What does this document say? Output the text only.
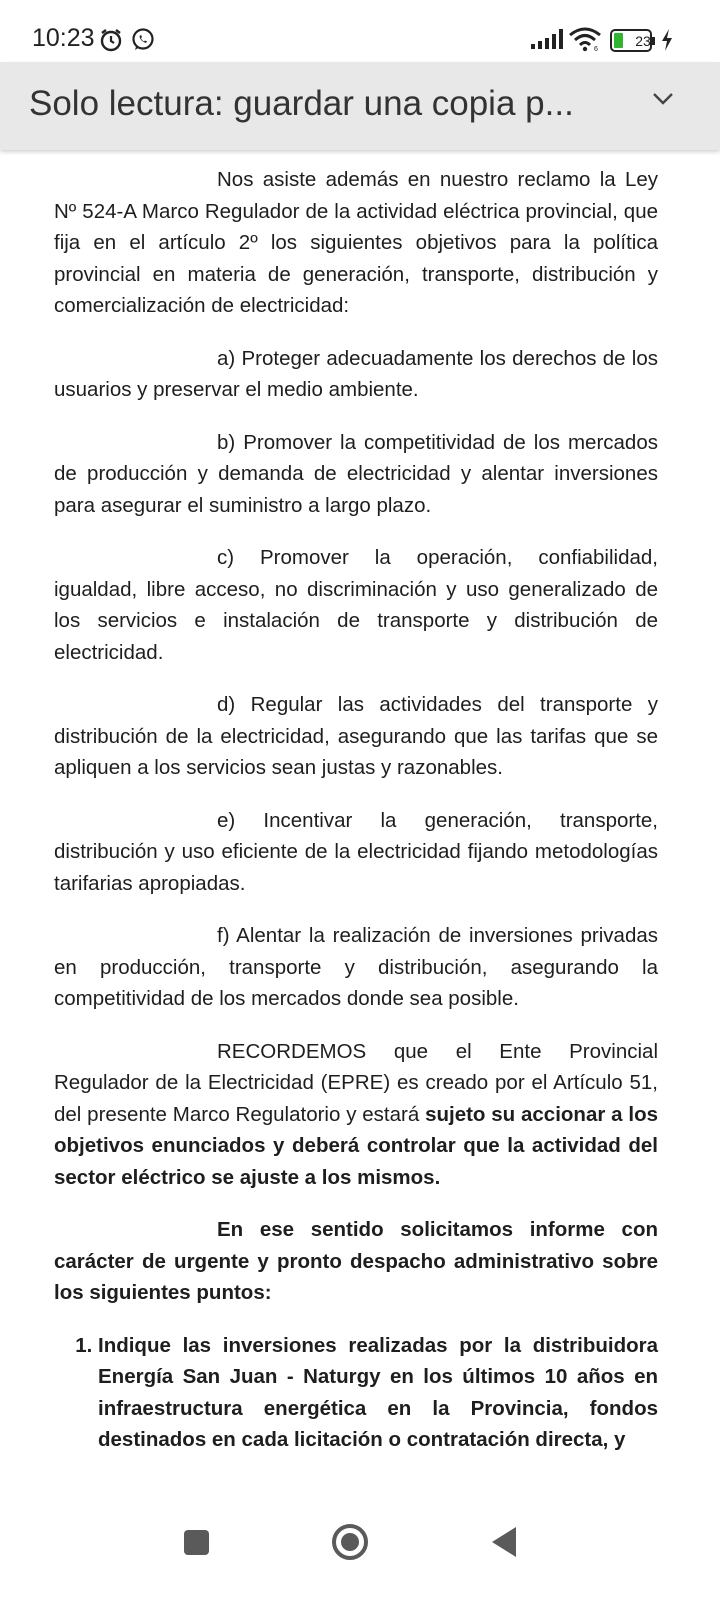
10:23	6
23
Solo lectura: guardar una copia p...

Nos asiste además en nuestro reclamo la Ley Nº 524-A Marco Regulador de la actividad eléctrica provincial, que fija en el artículo 2º los siguientes objetivos para la política provincial en materia de generación, transporte, distribución y comercialización de electricidad:

a) Proteger adecuadamente los derechos de los usuarios y preservar el medio ambiente.

b) Promover la competitividad de los mercados de producción y demanda de electricidad y alentar inversiones para asegurar el suministro a largo plazo.

c) Promover la operación, confiabilidad, igualdad, libre acceso, no discriminación y uso generalizado de los servicios e instalación de transporte y distribución de electricidad.

d) Regular las actividades del transporte y distribución de la electricidad, asegurando que las tarifas que se apliquen a los servicios sean justas y razonables.

e) Incentivar la generación, transporte, distribución y uso eficiente de la electricidad fijando metodologías tarifarias apropiadas.

f) Alentar la realización de inversiones privadas en producción, transporte y distribución, asegurando la competitividad de los mercados donde sea posible.

RECORDEMOS que el Ente Provincial Regulador de la Electricidad (EPRE) es creado por el Artículo 51, del presente Marco Regulatorio y estará sujeto su accionar a los objetivos enunciados y deberá controlar que la actividad del sector eléctrico se ajuste a los mismos.

En ese sentido solicitamos informe con carácter de urgente y pronto despacho administrativo sobre los siguientes puntos:

1. Indique las inversiones realizadas por la distribuidora Energía San Juan - Naturgy en los últimos 10 años en infraestructura energética en la Provincia, fondos destinados en cada licitación o contratación directa, y
